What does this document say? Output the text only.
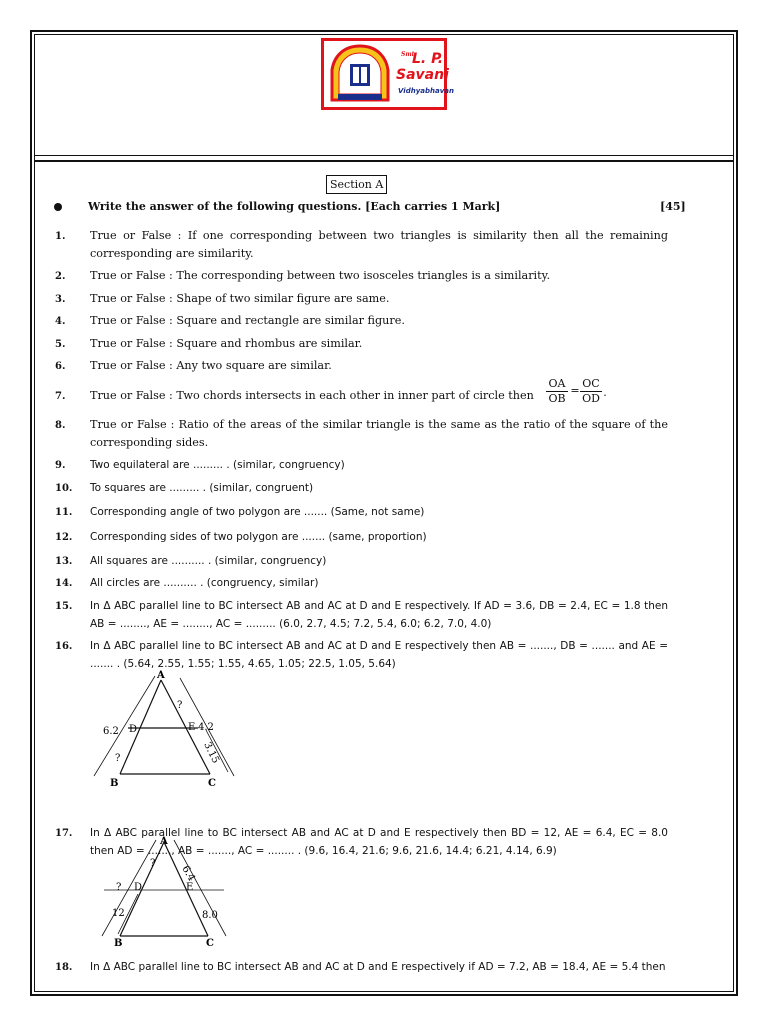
Smt.
L. P.
Savani
Vidhyabhavan
Section A
Write the answer of the following questions. [Each carries 1 Mark]	[45]
1. True or False : If one corresponding between two triangles is similarity then all the remaining corresponding are similarity.
2. True or False : The corresponding between two isosceles triangles is a similarity.
3. True or False : Shape of two similar figure are same.
4. True or False : Square and rectangle are similar figure.
5. True or False : Square and rhombus are similar.
6. True or False : Any two square are similar.
7. True or False : Two chords intersects in each other in inner part of circle then	$\frac{OA}{OB} = \frac{OC}{OD}$ .
8. True or False : Ratio of the areas of the similar triangle is the same as the ratio of the square of the corresponding sides.
9. Two equilateral are ......... . (similar, congruency)
10. To squares are ......... . (similar, congruent)
11. Corresponding angle of two polygon are ....... (Same, not same)
12. Corresponding sides of two polygon are ....... (same, proportion)
13. All squares are .......... . (similar, congruency)
14. All circles are .......... . (congruency, similar)
15. In Δ ABC parallel line to BC intersect AB and AC at D and E respectively. If AD = 3.6, DB = 2.4, EC = 1.8 then AB = ........, AE = ........, AC = ......... (6.0, 2.7, 4.5; 7.2, 5.4, 6.0; 6.2, 7.0, 4.0)
16. In Δ ABC parallel line to BC intersect AB and AC at D and E respectively then AB = ......., DB = ....... and AE = ....... . (5.64, 2.55, 1.55; 1.55, 4.65, 1.05; 22.5, 1.05, 5.64)
A
B	C
D	E
6.2
?
?
4.2
3.15
17. In Δ ABC parallel line to BC intersect AB and AC at D and E respectively then BD = 12, AE = 6.4, EC = 8.0 then AD = ......., AB = ......., AC = ........ . (9.6, 16.4, 21.6; 9.6, 21.6, 14.4; 6.21, 4.14, 6.9)
A
B	C
D	E
?
?
12
6.4
8.0
18. In Δ ABC parallel line to BC intersect AB and AC at D and E respectively if AD = 7.2, AB = 18.4, AE = 5.4 then
